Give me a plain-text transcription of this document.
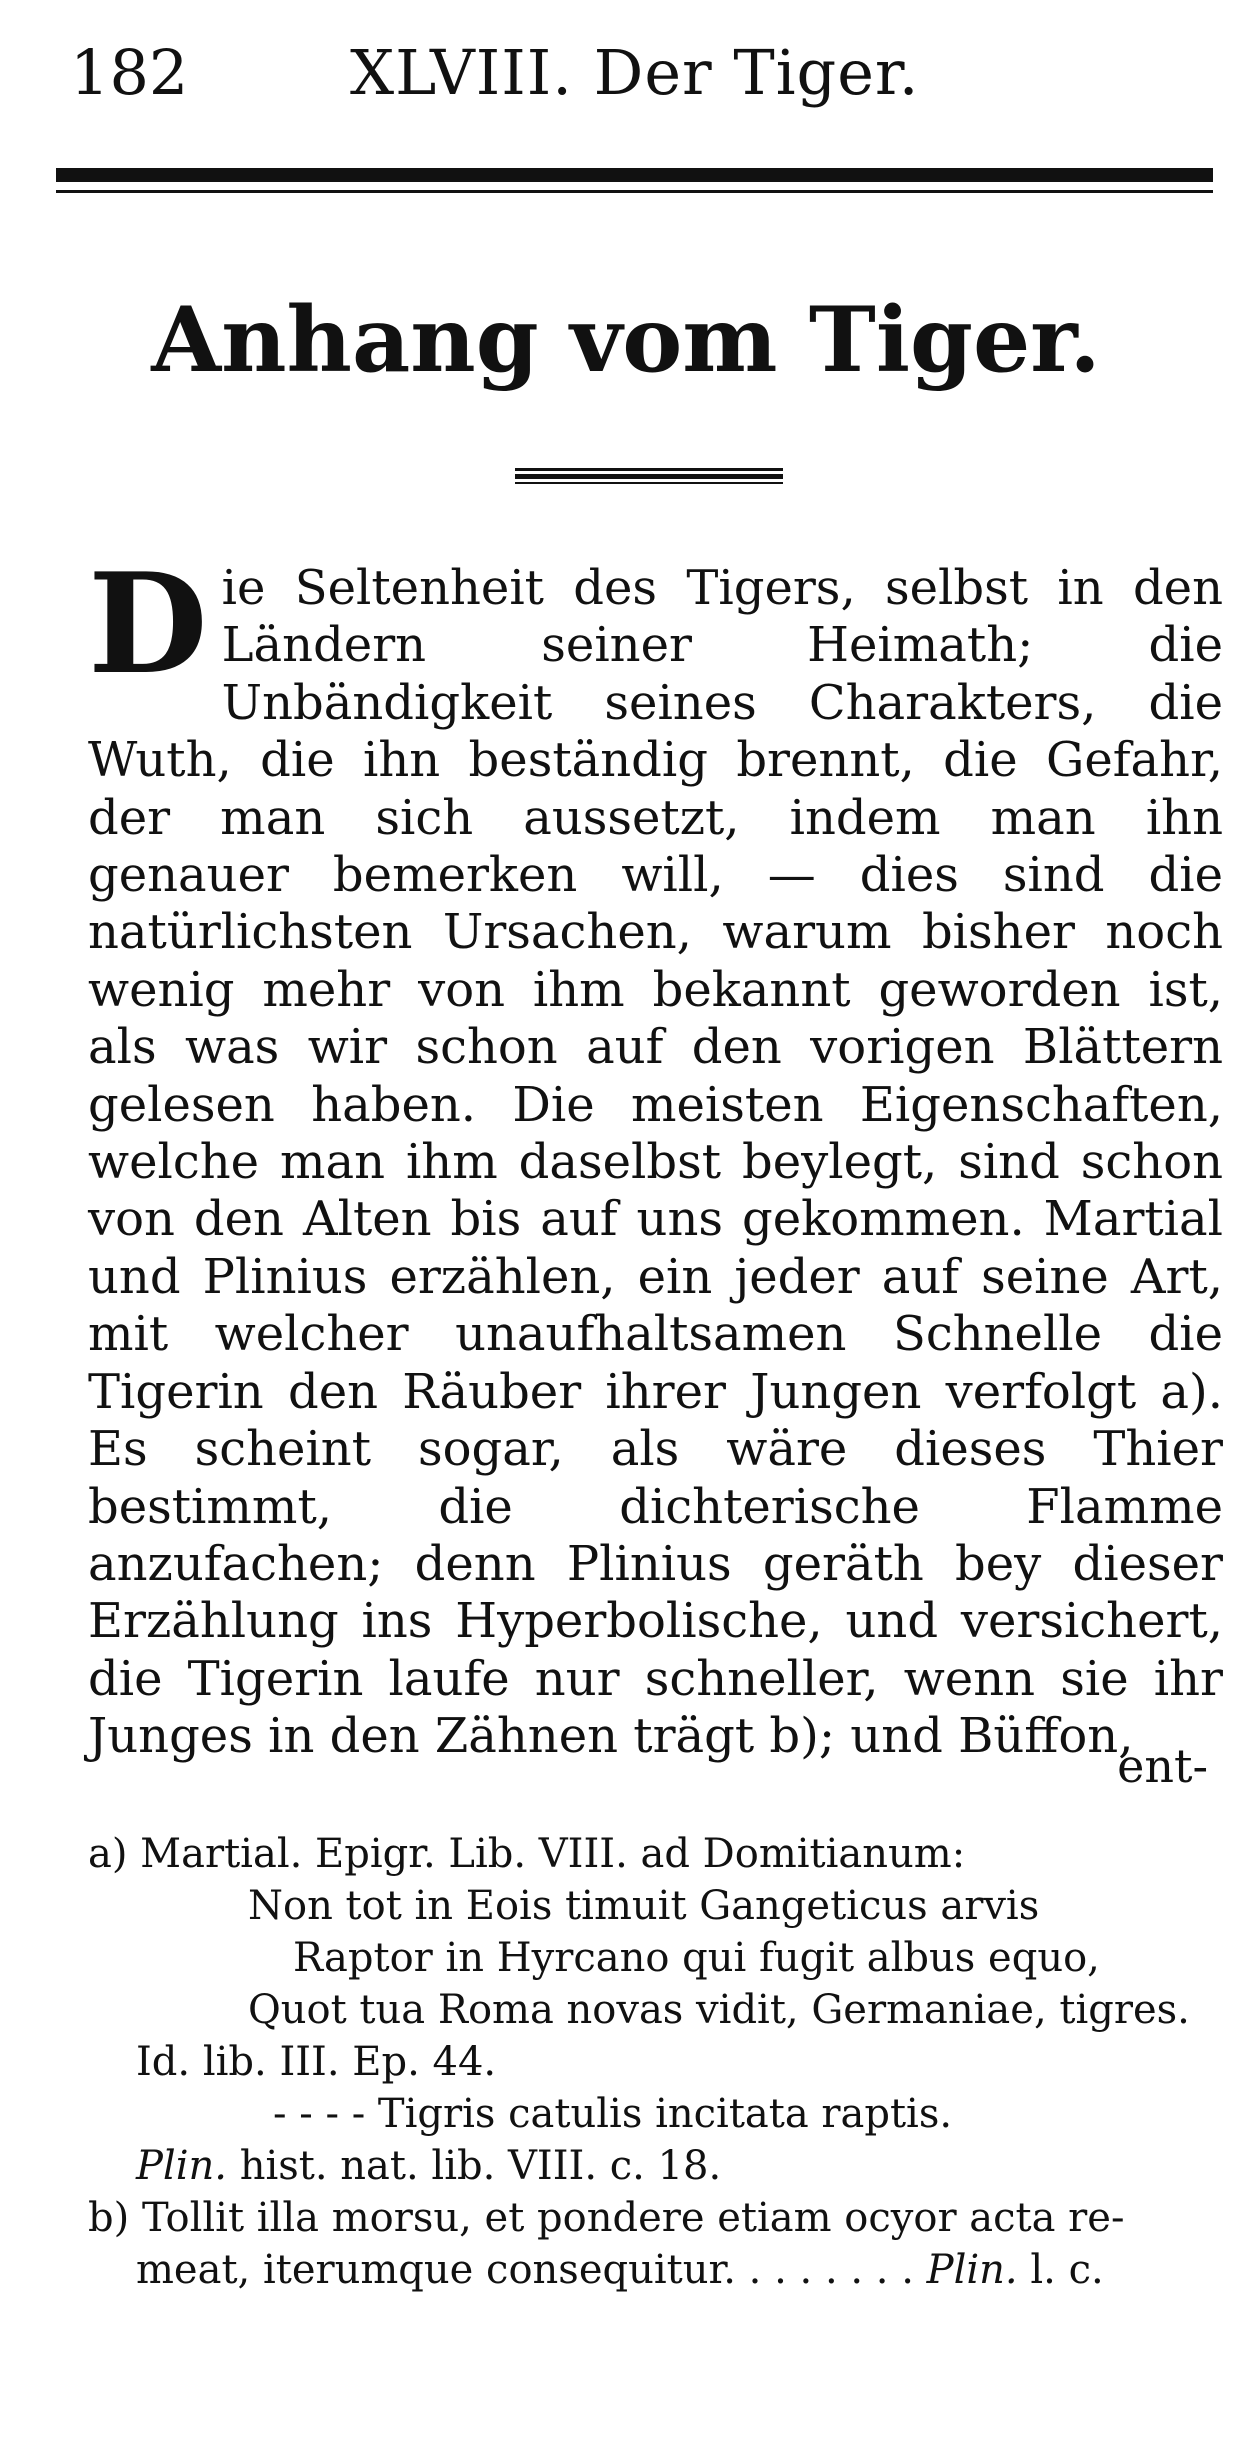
182	XLVIII. Der Tiger.
Anhang vom Tiger.
D ie Seltenheit des Tigers, selbst in den Ländern seiner Heimath; die Unbändigkeit seines Charakters, die Wuth, die ihn beständig brennt, die Gefahr, der man sich aussetzt, indem man ihn genauer bemerken will, — dies sind die natürlichsten Ursachen, warum bisher noch wenig mehr von ihm bekannt geworden ist, als was wir schon auf den vorigen Blättern gelesen haben. Die meisten Eigenschaften, welche man ihm daselbst beylegt, sind schon von den Alten bis auf uns gekommen. Martial und Plinius erzählen, ein jeder auf seine Art, mit welcher unaufhaltsamen Schnelle die Tigerin den Räuber ihrer Jungen verfolgt a). Es scheint sogar, als wäre dieses Thier bestimmt, die dichterische Flamme anzufachen; denn Plinius geräth bey dieser Erzählung ins Hyperbolische, und versichert, die Tigerin laufe nur schneller, wenn sie ihr Junges in den Zähnen trägt b); und Büffon,

ent-
a) Martial. Epigr. Lib. VIII. ad Domitianum:
Non tot in Eois timuit Gangeticus arvis
Raptor in Hyrcano qui fugit albus equo,
Quot tua Roma novas vidit, Germaniae, tigres.
Id. lib. III. Ep. 44.
- - - - Tigris catulis incitata raptis.
Plin. hist. nat. lib. VIII. c. 18.
b) Tollit illa morsu, et pondere etiam ocyor acta re-
meat, iterumque consequitur. . . . . . . . Plin. l. c.
